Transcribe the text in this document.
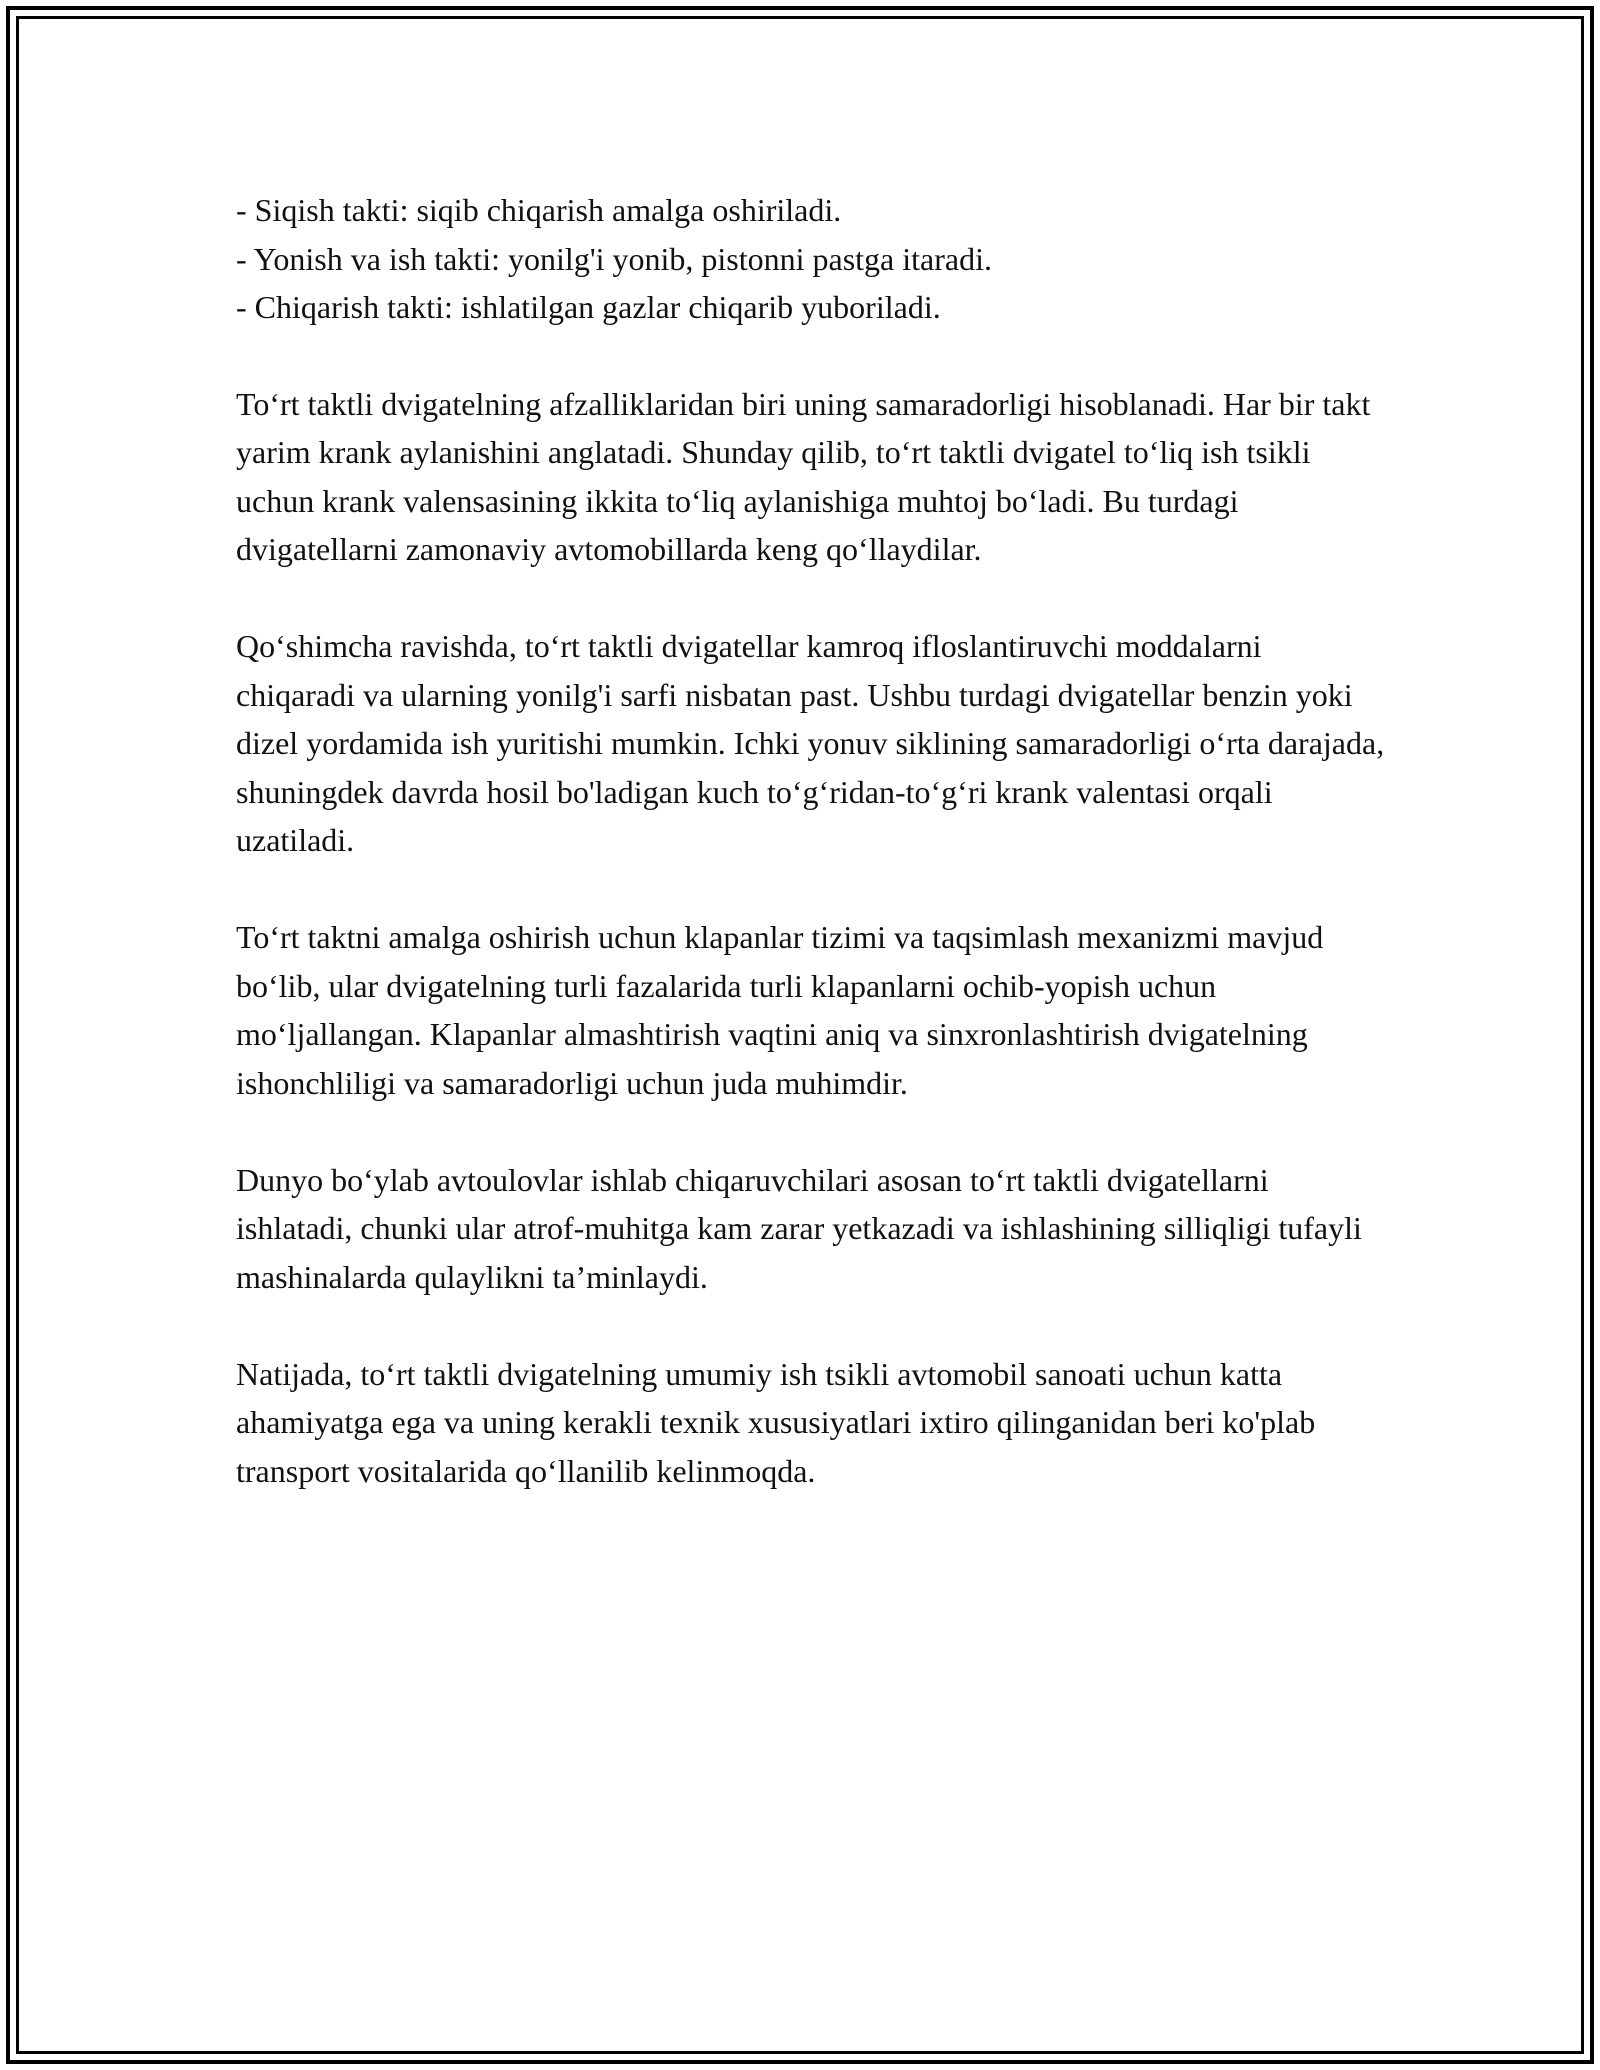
- Siqish takti: siqib chiqarish amalga oshiriladi.
- Yonish va ish takti: yonilg'i yonib, pistonni pastga itaradi.
- Chiqarish takti: ishlatilgan gazlar chiqarib yuboriladi.

To‘rt taktli dvigatelning afzalliklaridan biri uning samaradorligi hisoblanadi. Har bir takt yarim krank aylanishini anglatadi. Shunday qilib, to‘rt taktli dvigatel to‘liq ish tsikli uchun krank valensasining ikkita to‘liq aylanishiga muhtoj bo‘ladi. Bu turdagi dvigatellarni zamonaviy avtomobillarda keng qo‘llaydilar.

Qo‘shimcha ravishda, to‘rt taktli dvigatellar kamroq ifloslantiruvchi moddalarni chiqaradi va ularning yonilg'i sarfi nisbatan past. Ushbu turdagi dvigatellar benzin yoki dizel yordamida ish yuritishi mumkin. Ichki yonuv siklining samaradorligi o‘rta darajada, shuningdek davrda hosil bo'ladigan kuch to‘g‘ridan-to‘g‘ri krank valentasi orqali uzatiladi.

To‘rt taktni amalga oshirish uchun klapanlar tizimi va taqsimlash mexanizmi mavjud bo‘lib, ular dvigatelning turli fazalarida turli klapanlarni ochib-yopish uchun mo‘ljallangan. Klapanlar almashtirish vaqtini aniq va sinxronlashtirish dvigatelning ishonchliligi va samaradorligi uchun juda muhimdir.

Dunyo bo‘ylab avtoulovlar ishlab chiqaruvchilari asosan to‘rt taktli dvigatellarni ishlatadi, chunki ular atrof-muhitga kam zarar yetkazadi va ishlashining silliqligi tufayli mashinalarda qulaylikni ta’minlaydi.

Natijada, to‘rt taktli dvigatelning umumiy ish tsikli avtomobil sanoati uchun katta ahamiyatga ega va uning kerakli texnik xususiyatlari ixtiro qilinganidan beri ko'plab transport vositalarida qo‘llanilib kelinmoqda.
